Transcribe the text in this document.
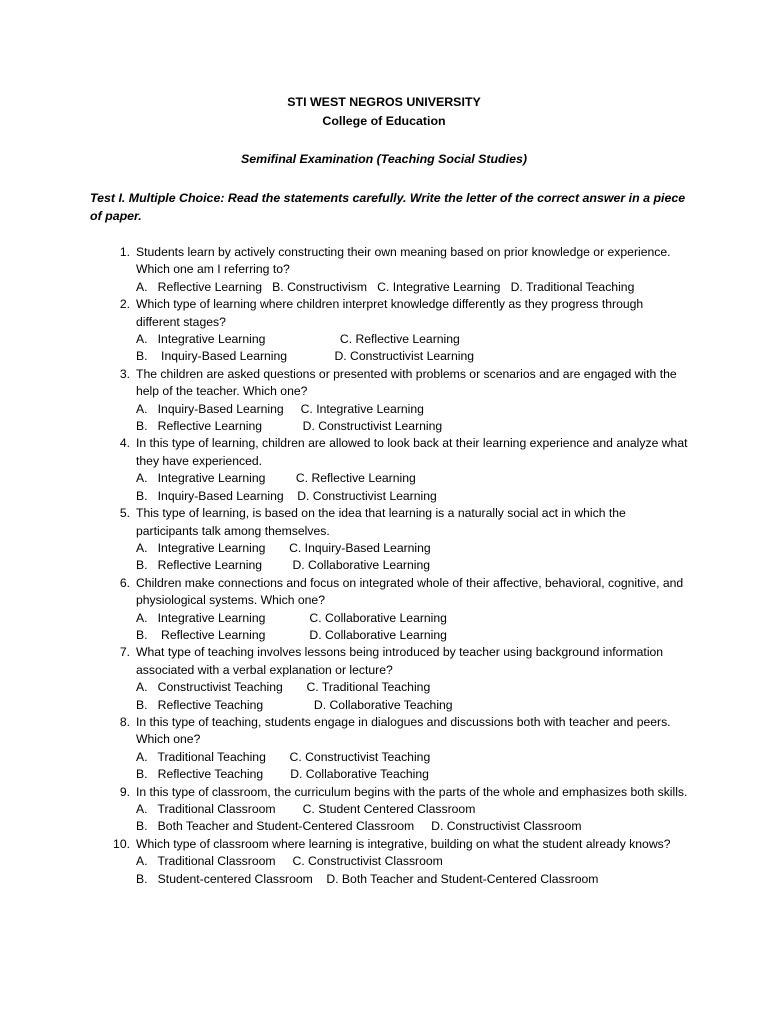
STI WEST NEGROS UNIVERSITY
College of Education
Semifinal Examination (Teaching Social Studies)
Test I. Multiple Choice: Read the statements carefully. Write the letter of the correct answer in a piece of paper.
1. Students learn by actively constructing their own meaning based on prior knowledge or experience. Which one am I referring to?
A.   Reflective Learning   B. Constructivism   C. Integrative Learning   D. Traditional Teaching
2. Which type of learning where children interpret knowledge differently as they progress through different stages?
A.   Integrative Learning                      C. Reflective Learning
B.    Inquiry-Based Learning              D. Constructivist Learning
3. The children are asked questions or presented with problems or scenarios and are engaged with the help of the teacher. Which one?
A.   Inquiry-Based Learning     C. Integrative Learning
B.   Reflective Learning            D. Constructivist Learning
4. In this type of learning, children are allowed to look back at their learning experience and analyze what they have experienced.
A.   Integrative Learning         C. Reflective Learning
B.   Inquiry-Based Learning    D. Constructivist Learning
5. This type of learning, is based on the idea that learning is a naturally social act in which the participants talk among themselves.
A.   Integrative Learning       C. Inquiry-Based Learning
B.   Reflective Learning         D. Collaborative Learning
6. Children make connections and focus on integrated whole of their affective, behavioral, cognitive, and physiological systems. Which one?
A.   Integrative Learning             C. Collaborative Learning
B.    Reflective Learning             D. Collaborative Learning
7. What type of teaching involves lessons being introduced by teacher using background information associated with a verbal explanation or lecture?
A.   Constructivist Teaching       C. Traditional Teaching
B.   Reflective Teaching               D. Collaborative Teaching
8. In this type of teaching, students engage in dialogues and discussions both with teacher and peers. Which one?
A.   Traditional Teaching       C. Constructivist Teaching
B.   Reflective Teaching        D. Collaborative Teaching
9. In this type of classroom, the curriculum begins with the parts of the whole and emphasizes both skills.
A.   Traditional Classroom        C. Student Centered Classroom
B.   Both Teacher and Student-Centered Classroom     D. Constructivist Classroom
10. Which type of classroom where learning is integrative, building on what the student already knows?
A.   Traditional Classroom     C. Constructivist Classroom
B.   Student-centered Classroom    D. Both Teacher and Student-Centered Classroom
